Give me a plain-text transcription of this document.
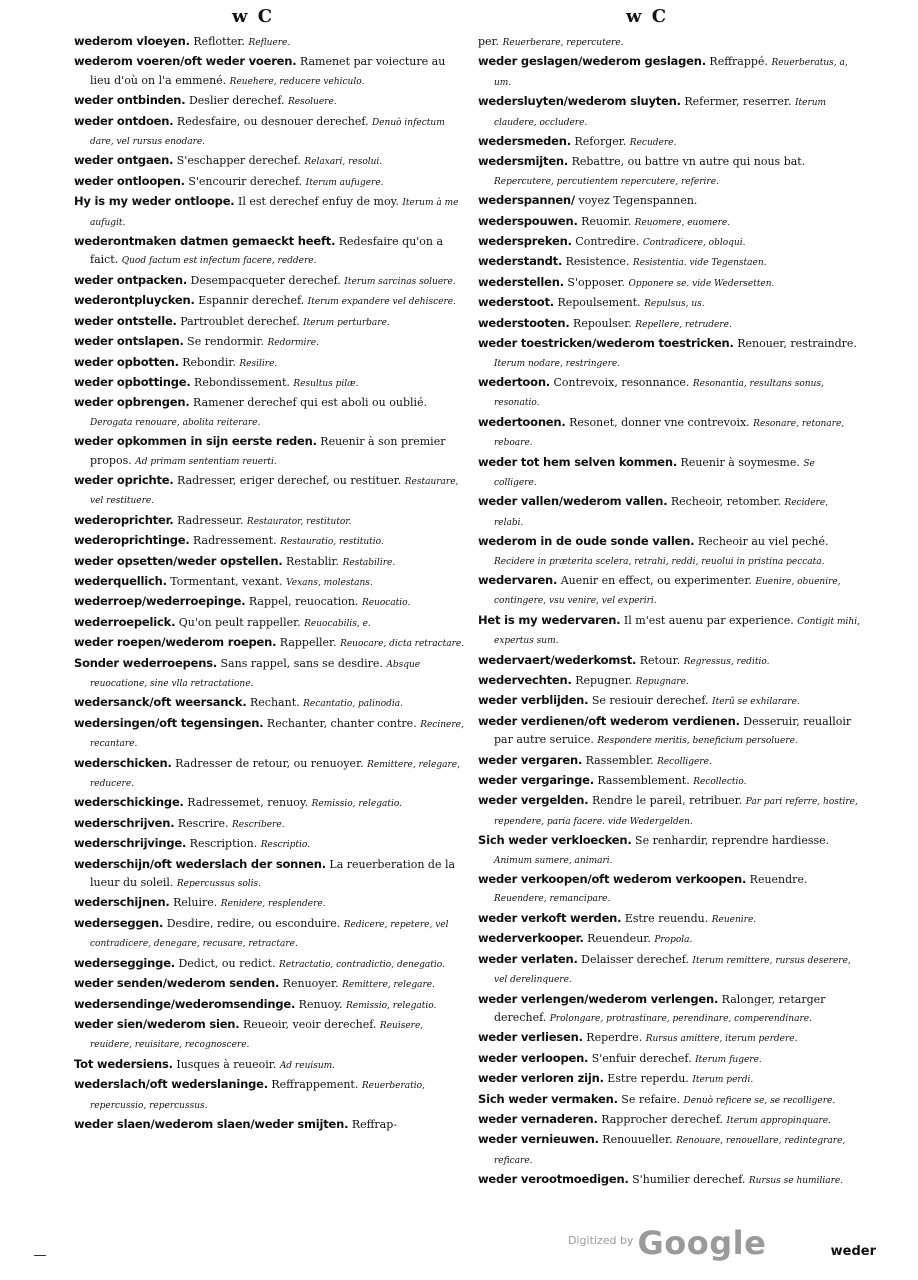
w C	w C

wederom vloeyen. Reflotter. Refluere.

wederom voeren/oft weder voeren. Ramenet par voiecture au lieu d'où on l'a emmené. Reuehere, reducere vehiculo.

weder ontbinden. Deslier derechef. Resoluere.

weder ontdoen. Redesfaire, ou desnouer derechef. Denuò infectum dare, vel rursus enodare.

weder ontgaen. S'eschapper derechef. Relaxari, resolui.

weder ontloopen. S'encourir derechef. Iterum aufugere.

Hy is my weder ontloope. Il est derechef enfuy de moy. Iterum à me aufugit.

wederontmaken datmen gemaeckt heeft. Redesfaire qu'on a faict. Quod factum est infectum facere, reddere.

weder ontpacken. Desempacqueter derechef. Iterum sarcinas soluere.

wederontpluycken. Espannir derechef. Iterum expandere vel dehiscere.

weder ontstelle. Partroublet derechef. Iterum perturbare.

weder ontslapen. Se rendormir. Redormire.

weder opbotten. Rebondir. Resilire.

weder opbottinge. Rebondissement. Resultus pilæ.

weder opbrengen. Ramener derechef qui est aboli ou oublié. Derogata renouare, abolita reiterare.

weder opkommen in sijn eerste reden. Reuenir à son premier propos. Ad primam sententiam reuerti.

weder oprichte. Radresser, eriger derechef, ou restituer. Restaurare, vel restituere.

wederoprichter. Radresseur. Restaurator, restitutor.

wederoprichtinge. Radressement. Restauratio, restitutio.

weder opsetten/weder opstellen. Restablir. Restabilire.

wederquellich. Tormentant, vexant. Vexans, molestans.

wederroep/wederroepinge. Rappel, reuocation. Reuocatio.

wederroepelick. Qu'on peult rappeller. Reuocabilis, e.

weder roepen/wederom roepen. Rappeller. Reuocare, dicta retractare.

Sonder wederroepens. Sans rappel, sans se desdire. Absque reuocatione, sine vlla retractatione.

wedersanck/oft weersanck. Rechant. Recantatio, palinodia.

wedersingen/oft tegensingen. Rechanter, chanter contre. Recinere, recantare.

wederschicken. Radresser de retour, ou renuoyer. Remittere, relegare, reducere.

wederschickinge. Radressemet, renuoy. Remissio, relegatio.

wederschrijven. Rescrire. Rescribere.

wederschrijvinge. Rescription. Rescriptio.

wederschijn/oft wederslach der sonnen. La reuerberation de la lueur du soleil. Repercussus solis.

wederschijnen. Reluire. Renidere, resplendere.

wederseggen. Desdire, redire, ou esconduire. Redicere, repetere, vel contradicere, denegare, recusare, retractare.

wederseggingе. Dedict, ou redict. Retractatio, contradictio, denegatio.

weder senden/wederom senden. Renuoyer. Remittere, relegare.

wedersendinge/wederomsendinge. Renuoy. Remissio, relegatio.

weder sien/wederom sien. Reueoir, veoir derechef. Reuisere, reuidere, reuisitare, recognoscere.

Tot wedersiens. Iusques à reueoir. Ad reuisum.

wederslach/oft wederslaninge. Reffrappement. Reuerberatio, repercussio, repercussus.

weder slaen/wederom slaen/weder smijten. Reffrap-

per. Reuerberare, repercutere.

weder geslagen/wederom geslagen. Reffrappé. Reuerberatus, a, um.

wedersluyten/wederom sluyten. Refermer, reserrer. Iterum claudere, occludere.

wedersmeden. Reforger. Recudere.

wedersmijten. Rebattre, ou battre vn autre qui nous bat. Repercutere, percutientem repercutere, referire.

wederspannen/ voyez Tegenspannen.

wederspouwen. Reuomir. Reuomere, euomere.

wederspreken. Contredire. Contradicere, obloqui.

wederstandt. Resistence. Resistentia. vide Tegenstaen.

wederstellen. S'opposer. Opponere se. vide Wedersetten.

wederstoot. Repoulsement. Repulsus, us.

wederstooten. Repoulser. Repellere, retrudere.

weder toestricken/wederom toestricken. Renouer, restraindre. Iterum nodare, restringere.

wedertoon. Contrevoix, resonnance. Resonantia, resultans sonus, resonatio.

wedertoonen. Resonet, donner vne contrevoix. Resonare, retonare, reboare.

weder tot hem selven kommen. Reuenir à soymesme. Se colligere.

weder vallen/wederom vallen. Recheoir, retomber. Recidere, relabi.

wederom in de oude sonde vallen. Recheoir au viel peché. Recidere in præterita scelera, retrahi, reddi, reuolui in pristina peccata.

wedervaren. Auenir en effect, ou experimenter. Euenire, obuenire, contingere, vsu venire, vel experiri.

Het is my wedervaren. Il m'est auenu par experience. Contigit mihi, expertus sum.

wedervaert/wederkomst. Retour. Regressus, reditio.

wedervechten. Repugner. Repugnare.

weder verblijden. Se resiouir derechef. Iterũ se exhilarare.

weder verdienen/oft wederom verdienen. Desseruir, reualloir par autre seruice. Respondere meritis, beneficium persoluere.

weder vergaren. Rassembler. Recolligere.

weder vergaringe. Rassemblement. Recollectio.

weder vergelden. Rendre le pareil, retribuer. Par pari referre, hostire, rependere, paria facere. vide Wedergelden.

Sich weder verkloecken. Se renhardir, reprendre hardiesse. Animum sumere, animari.

weder verkoopen/oft wederom verkoopen. Reuendre. Reuendere, remancipare.

weder verkoft werden. Estre reuendu. Reuenire.

wederverkooper. Reuendeur. Propola.

weder verlaten. Delaisser derechef. Iterum remittere, rursus deserere, vel derelinquere.

weder verlengen/wederom verlengen. Ralonger, retarger derechef. Prolongare, protrastinare, perendinare, comperendinare.

weder verliesen. Reperdre. Rursus amittere, iterum perdere.

weder verloopen. S'enfuir derechef. Iterum fugere.

weder verloren zijn. Estre reperdu. Iterum perdi.

Sich weder vermaken. Se refaire. Denuò reficere se, se recolligere.

weder vernaderen. Rapprocher derechef. Iterum appropinquare.

weder vernieuwen. Renouueller. Renouare, renouellare, redintegrare, reficare.

weder verootmoedigen. S'humilier derechef. Rursus se humiliare.

$^{Digitized by}$ Google	weder
